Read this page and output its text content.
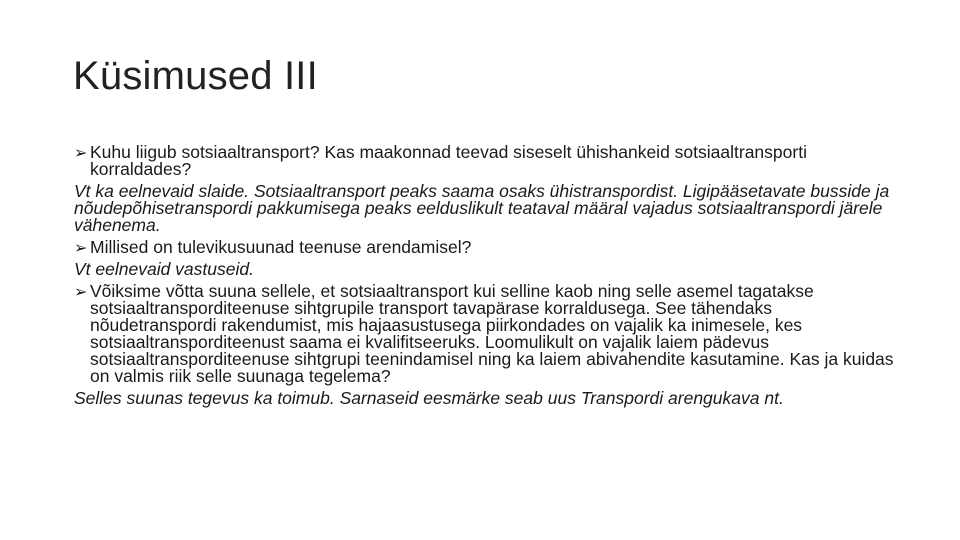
Küsimused III
➢ Kuhu liigub sotsiaaltransport? Kas maakonnad teevad siseselt ühishankeid sotsiaaltransporti korraldades?
Vt ka eelnevaid slaide. Sotsiaaltransport peaks saama osaks ühistranspordist. Ligipääsetavate busside ja nõudepõhisetranspordi pakkumisega peaks eelduslikult teataval määral vajadus sotsiaaltranspordi järele vähenema.
➢ Millised on tulevikusuunad teenuse arendamisel?
Vt eelnevaid vastuseid.
➢ Võiksime võtta suuna sellele, et sotsiaaltransport kui selline kaob ning selle asemel tagatakse sotsiaaltransporditeenuse sihtgrupile transport tavapärase korraldusega. See tähendaks nõudetranspordi rakendumist, mis hajaasustusega piirkondades on vajalik ka inimesele, kes sotsiaaltransporditeenust saama ei kvalifitseeruks. Loomulikult on vajalik laiem pädevus sotsiaaltransporditeenuse sihtgrupi teenindamisel ning ka laiem abivahendite kasutamine. Kas ja kuidas on valmis riik selle suunaga tegelema?
Selles suunas tegevus ka toimub. Sarnaseid eesmärke seab uus Transpordi arengukava nt.
